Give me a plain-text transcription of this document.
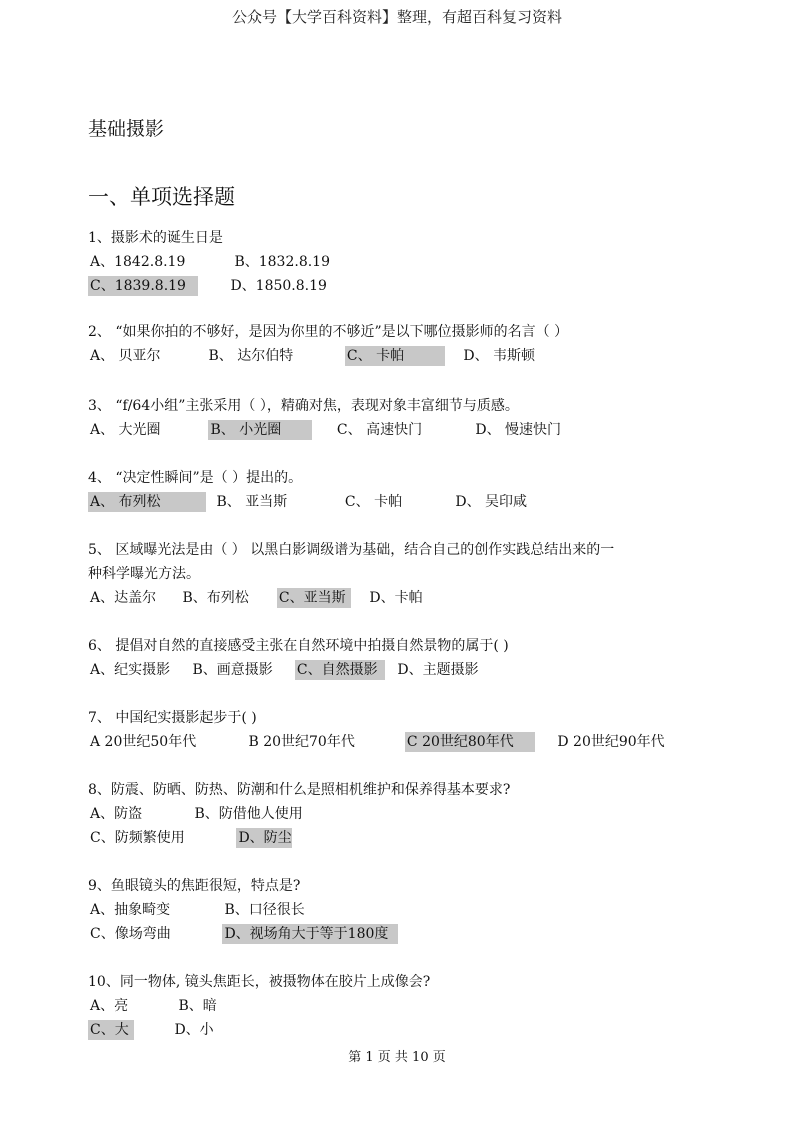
公众号【大学百科资料】整理，有超百科复习资料
基础摄影
一、单项选择题
1、摄影术的诞生日是
A、1842.8.19	B、1832.8.19
C、1839.8.19	D、1850.8.19
2、 “如果你拍的不够好，是因为你里的不够近”是以下哪位摄影师的名言（ ）
A、 贝亚尔	B、 达尔伯特	C、 卡帕	D、 韦斯顿
3、 “f/64小组”主张采用（ ），精确对焦，表现对象丰富细节与质感。
A、 大光圈	B、 小光圈	C、 高速快门	D、 慢速快门
4、 “决定性瞬间”是（ ）提出的。
A、 布列松	B、 亚当斯	C、 卡帕	D、 吴印咸
5、 区域曝光法是由（ ） 以黑白影调级谱为基础，结合自己的创作实践总结出来的一
种科学曝光方法。
A、达盖尔 B、布列松 C、亚当斯 D、卡帕
6、 提倡对自然的直接感受主张在自然环境中拍摄自然景物的属于( )
A、纪实摄影 B、画意摄影 C、自然摄影 D、主题摄影
7、 中国纪实摄影起步于( )
A 20世纪50年代	B 20世纪70年代	C 20世纪80年代	D 20世纪90年代
8、防震、防晒、防热、防潮和什么是照相机维护和保养得基本要求?
A、防盗	B、防借他人使用
C、防频繁使用	D、防尘
9、鱼眼镜头的焦距很短，特点是?
A、抽象畸变	B、口径很长
C、像场弯曲	D、视场角大于等于180度
10、同一物体, 镜头焦距长，被摄物体在胶片上成像会?
A、亮	B、暗
C、大	D、小
第 1 页 共 10 页
